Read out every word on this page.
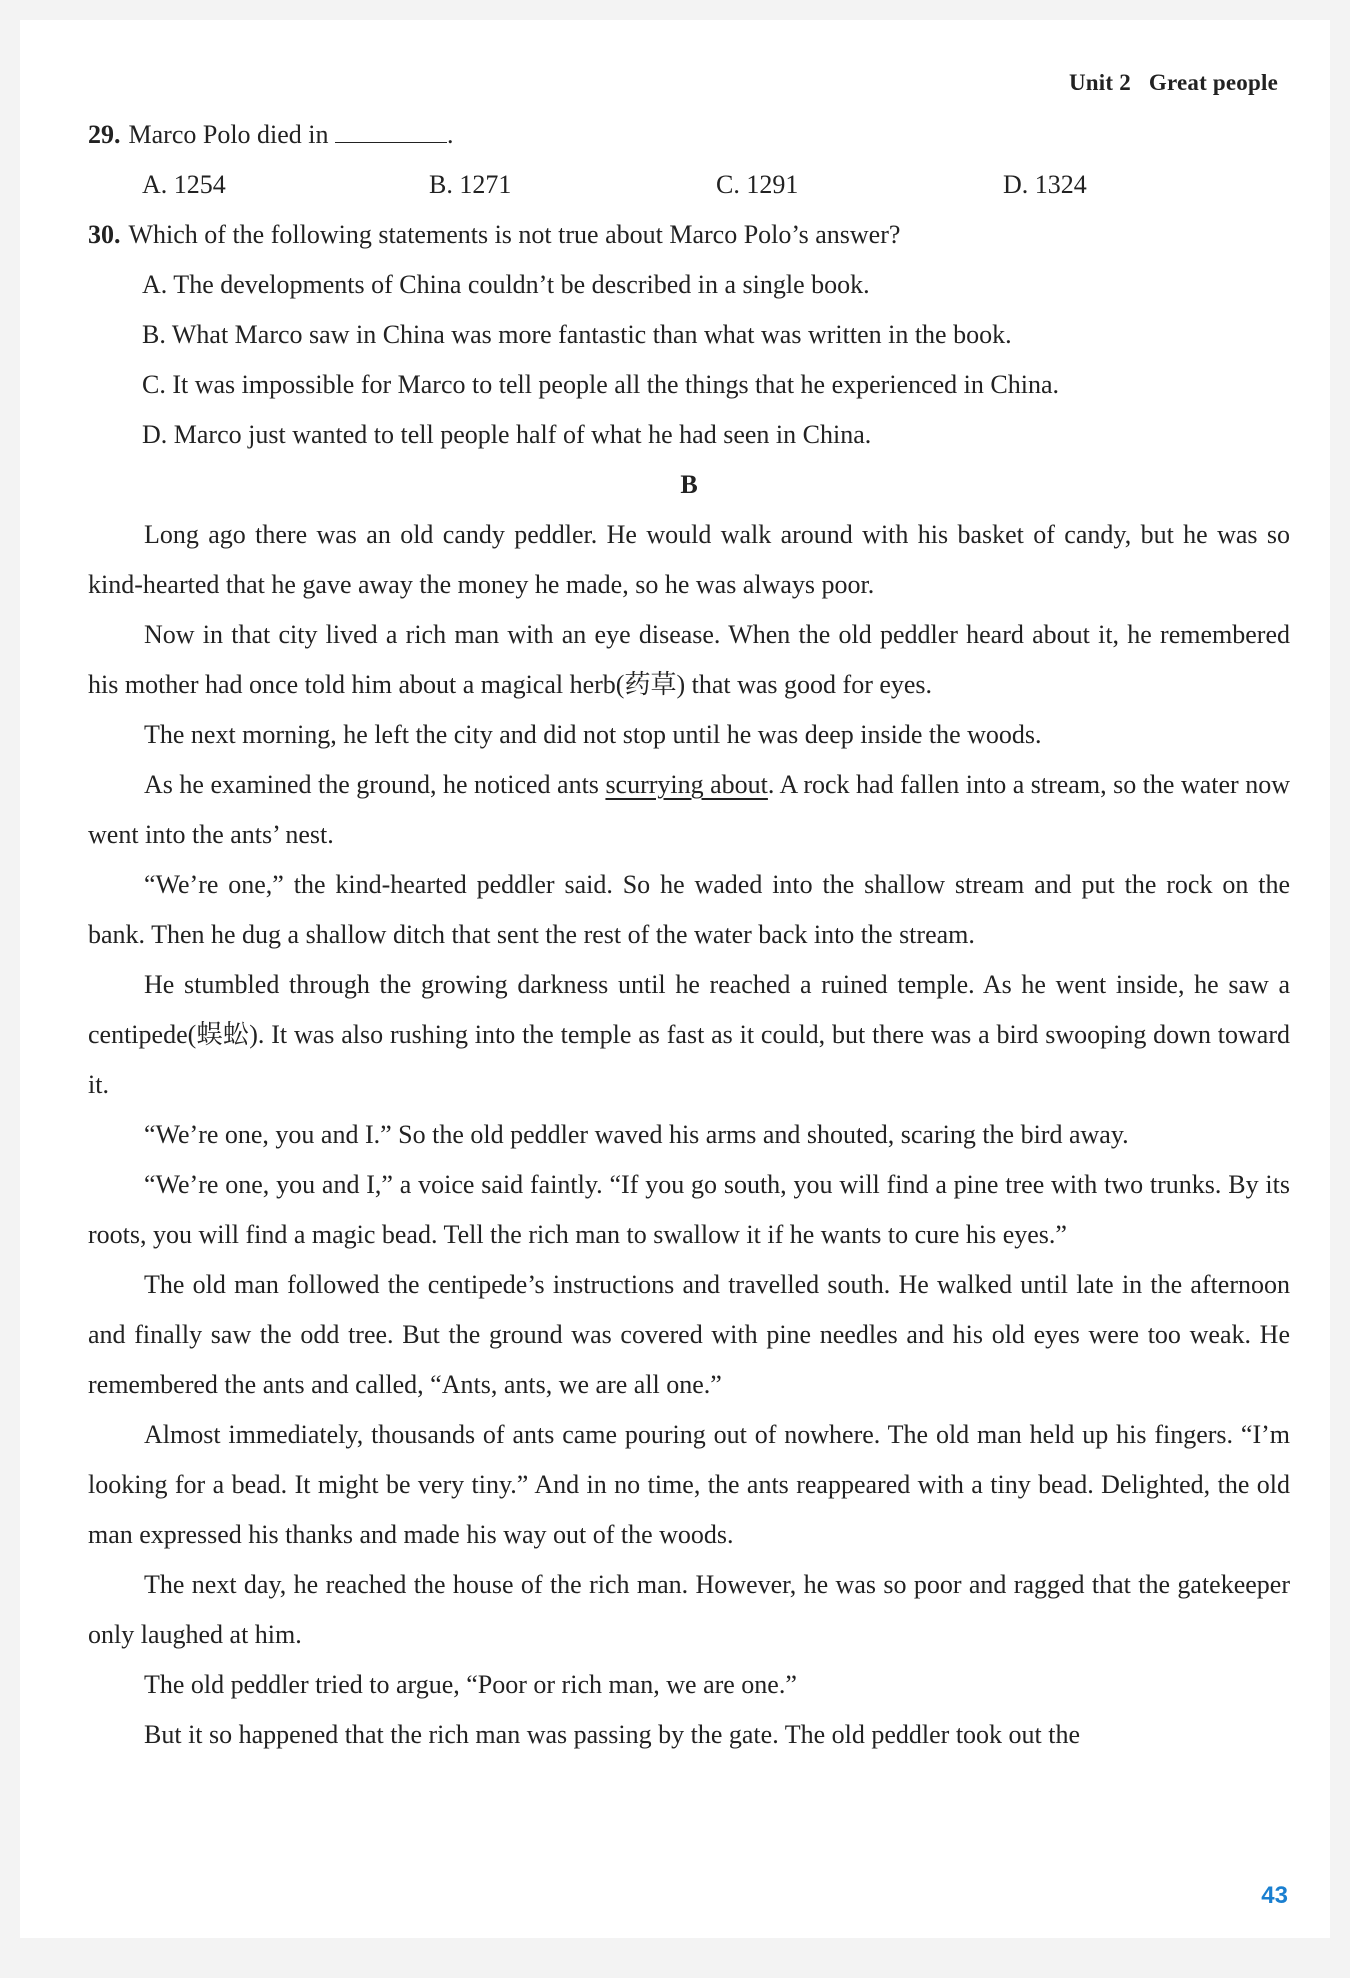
Unit 2 Great people

29. Marco Polo died in	.

A. 1254	B. 1271	C. 1291	D. 1324

30. Which of the following statements is not true about Marco Polo’s answer?

A. The developments of China couldn’t be described in a single book.
B. What Marco saw in China was more fantastic than what was written in the book.
C. It was impossible for Marco to tell people all the things that he experienced in China.
D. Marco just wanted to tell people half of what he had seen in China.

B

Long ago there was an old candy peddler. He would walk around with his basket of candy, but he was so kind-hearted that he gave away the money he made, so he was always poor.

Now in that city lived a rich man with an eye disease. When the old peddler heard about it, he remembered his mother had once told him about a magical herb(药草) that was good for eyes.

The next morning, he left the city and did not stop until he was deep inside the woods.

As he examined the ground, he noticed ants scurrying about. A rock had fallen into a stream, so the water now went into the ants’ nest.

“We’re one,” the kind-hearted peddler said. So he waded into the shallow stream and put the rock on the bank. Then he dug a shallow ditch that sent the rest of the water back into the stream.

He stumbled through the growing darkness until he reached a ruined temple. As he went inside, he saw a centipede(蜈蚣). It was also rushing into the temple as fast as it could, but there was a bird swooping down toward it.

“We’re one, you and I.” So the old peddler waved his arms and shouted, scaring the bird away.

“We’re one, you and I,” a voice said faintly. “If you go south, you will find a pine tree with two trunks. By its roots, you will find a magic bead. Tell the rich man to swallow it if he wants to cure his eyes.”

The old man followed the centipede’s instructions and travelled south. He walked until late in the afternoon and finally saw the odd tree. But the ground was covered with pine needles and his old eyes were too weak. He remembered the ants and called, “Ants, ants, we are all one.”

Almost immediately, thousands of ants came pouring out of nowhere. The old man held up his fingers. “I’m looking for a bead. It might be very tiny.” And in no time, the ants reappeared with a tiny bead. Delighted, the old man expressed his thanks and made his way out of the woods.

The next day, he reached the house of the rich man. However, he was so poor and ragged that the gatekeeper only laughed at him.

The old peddler tried to argue, “Poor or rich man, we are one.”

But it so happened that the rich man was passing by the gate. The old peddler took out the

43
